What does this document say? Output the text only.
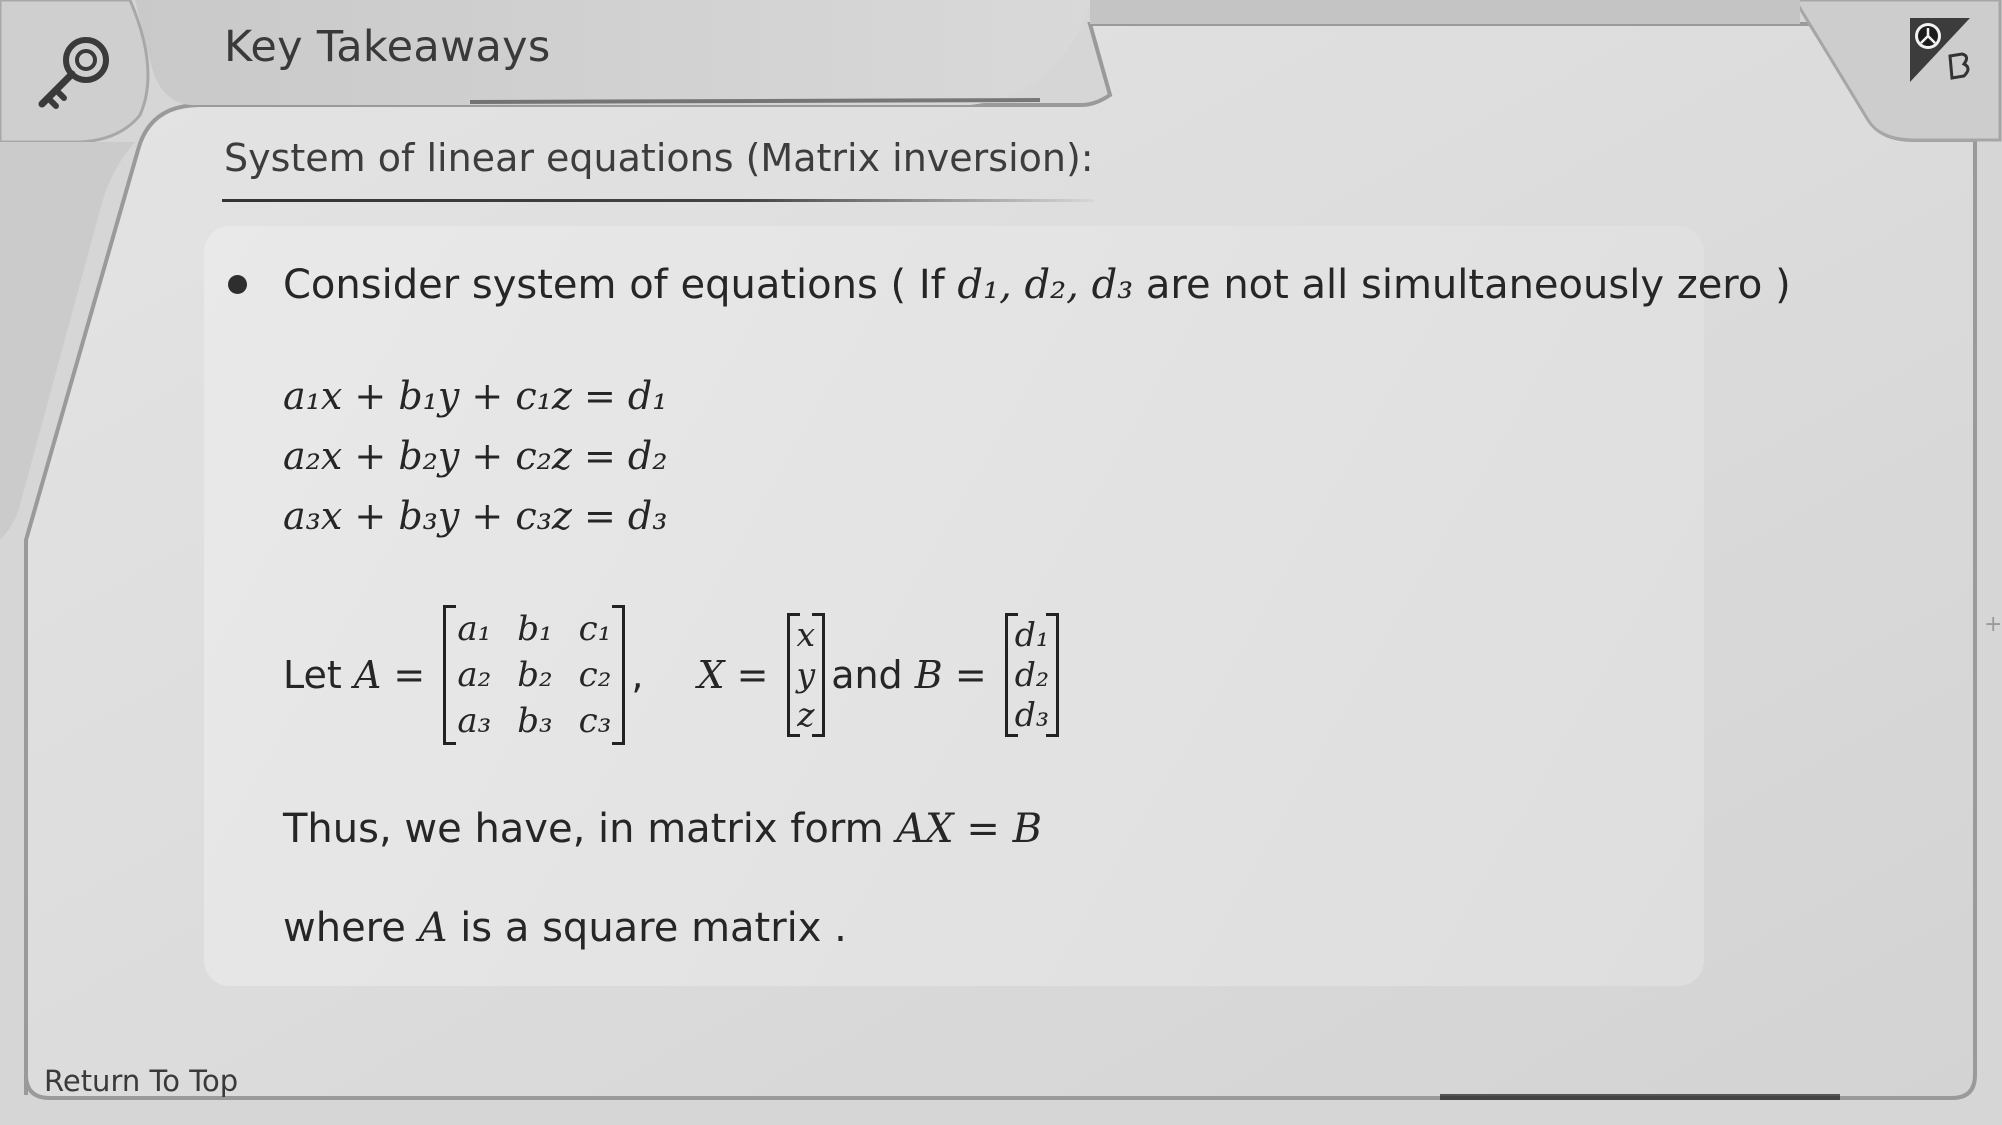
Key Takeaways
System of linear equations (Matrix inversion):
Consider system of equations ( If d₁, d₂, d₃ are not all simultaneously zero )
a₁x + b₁y + c₁z = d₁
a₂x + b₂y + c₂z = d₂
a₃x + b₃y + c₃z = d₃
Let
A
=

a₁ b₁ c₁
a₂ b₂ c₂
a₃ b₃ c₃
, X
=

x
y
z
and
B
=

d₁
d₂
d₃
Thus, we have, in matrix form AX = B
where A is a square matrix .
Return To Top
+
